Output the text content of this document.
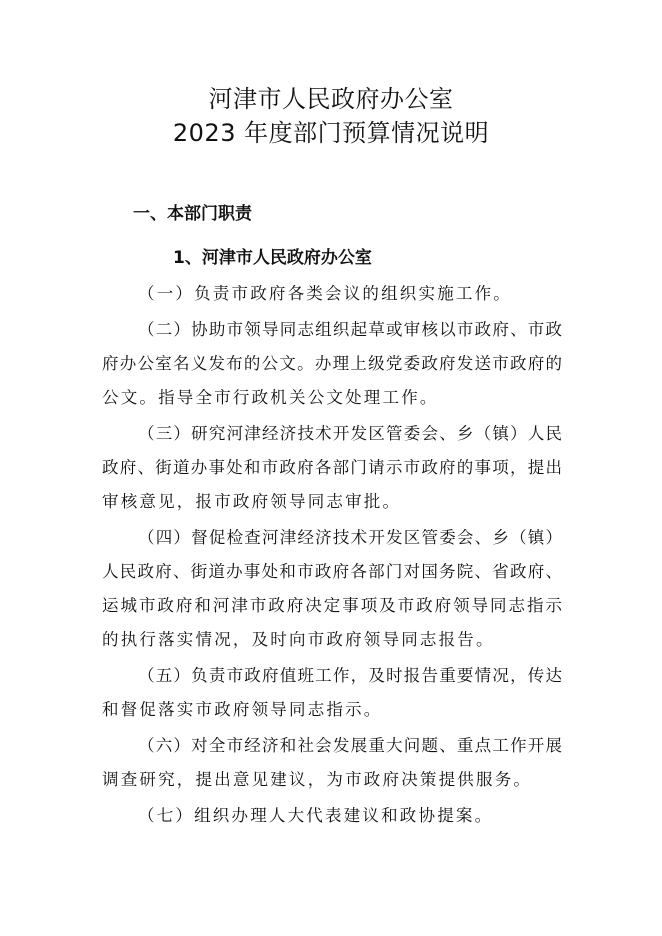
河津市人民政府办公室
2023 年度部门预算情况说明
一、本部门职责
1、河津市人民政府办公室
（一）负责市政府各类会议的组织实施工作。
（二）协助市领导同志组织起草或审核以市政府、市政
府办公室名义发布的公文。办理上级党委政府发送市政府的
公文。指导全市行政机关公文处理工作。
（三）研究河津经济技术开发区管委会、乡（镇）人民
政府、街道办事处和市政府各部门请示市政府的事项，提出
审核意见，报市政府领导同志审批。
（四）督促检查河津经济技术开发区管委会、乡（镇）
人民政府、街道办事处和市政府各部门对国务院、省政府、
运城市政府和河津市政府决定事项及市政府领导同志指示
的执行落实情况，及时向市政府领导同志报告。
（五）负责市政府值班工作，及时报告重要情况，传达
和督促落实市政府领导同志指示。
（六）对全市经济和社会发展重大问题、重点工作开展
调查研究，提出意见建议，为市政府决策提供服务。
（七）组织办理人大代表建议和政协提案。
